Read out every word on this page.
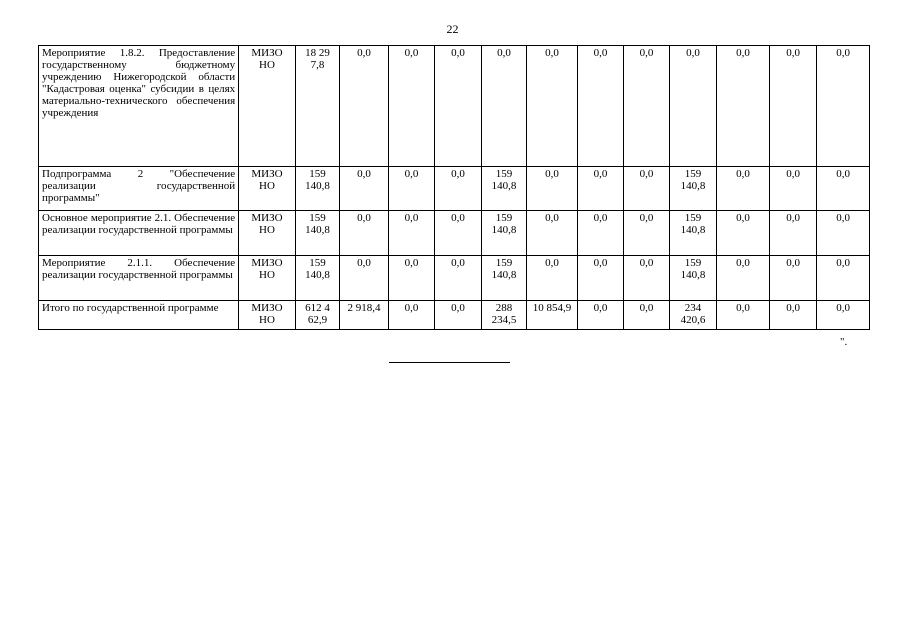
22
Мероприятие 1.8.2. Предоставление государственному бюджетному учреждению Нижегородской области "Кадастровая оценка" субсидии в целях материально-технического обеспечения учреждения	МИЗО НО	18 29 7,8	0,0	0,0	0,0	0,0	0,0	0,0	0,0	0,0	0,0	0,0	0,0
Подпрограмма 2 "Обеспечение реализации государственной программы"	МИЗО НО	159 140,8	0,0	0,0	0,0	159 140,8	0,0	0,0	0,0	159 140,8	0,0	0,0	0,0
Основное мероприятие 2.1. Обеспечение реализации государственной программы	МИЗО НО	159 140,8	0,0	0,0	0,0	159 140,8	0,0	0,0	0,0	159 140,8	0,0	0,0	0,0
Мероприятие 2.1.1. Обеспечение реализации государственной программы	МИЗО НО	159 140,8	0,0	0,0	0,0	159 140,8	0,0	0,0	0,0	159 140,8	0,0	0,0	0,0
Итого по государственной программе	МИЗО НО	612 4 62,9	2 918,4	0,0	0,0	288 234,5	10 854,9	0,0	0,0	234 420,6	0,0	0,0	0,0
".
